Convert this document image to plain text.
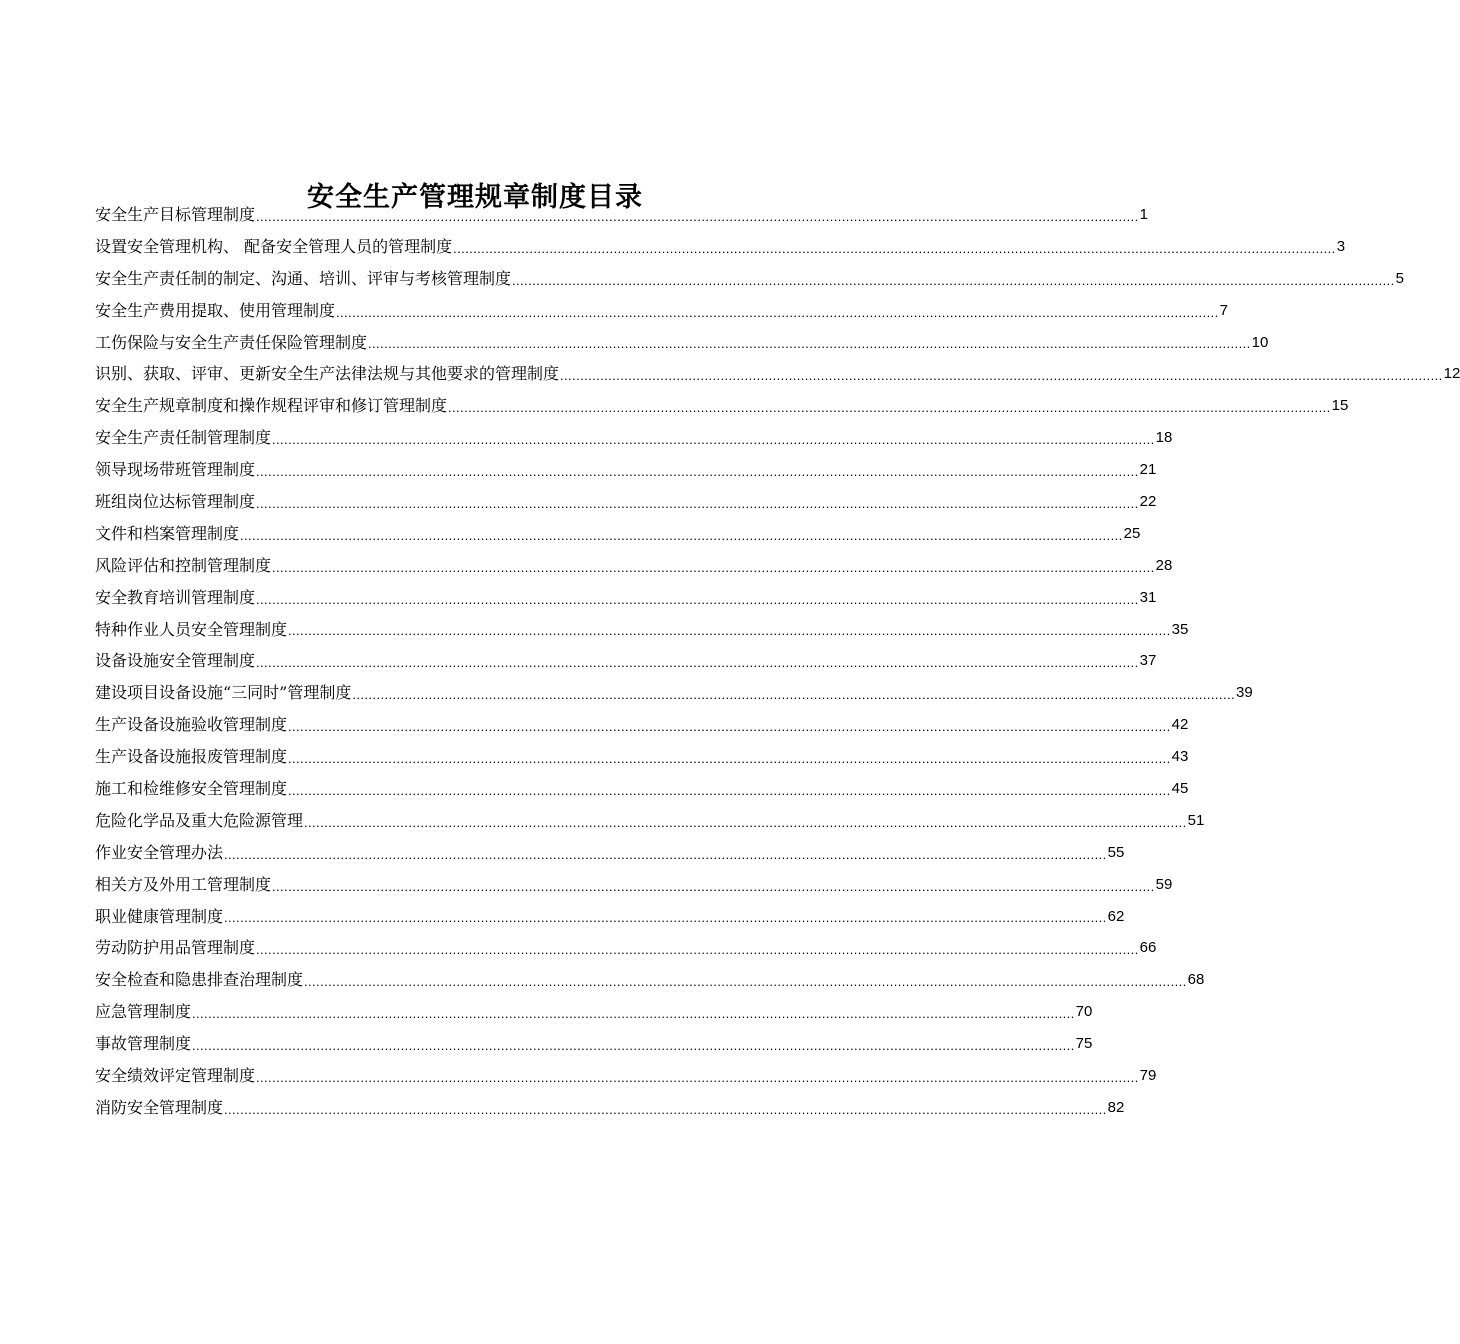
安全生产管理规章制度目录
安全生产目标管理制度 ............................................................................................................................................................................................................................ 1
设置安全管理机构、 配备安全管理人员的管理制度 ............................................................................................................................................................................................................................ 3
安全生产责任制的制定、沟通、培训、评审与考核管理制度 ............................................................................................................................................................................................................................ 5
安全生产费用提取、使用管理制度 ............................................................................................................................................................................................................................ 7
工伤保险与安全生产责任保险管理制度 ............................................................................................................................................................................................................................ 10
识别、获取、评审、更新安全生产法律法规与其他要求的管理制度 ............................................................................................................................................................................................................................ 12
安全生产规章制度和操作规程评审和修订管理制度 ............................................................................................................................................................................................................................ 15
安全生产责任制管理制度 ............................................................................................................................................................................................................................ 18
领导现场带班管理制度 ............................................................................................................................................................................................................................ 21
班组岗位达标管理制度 ............................................................................................................................................................................................................................ 22
文件和档案管理制度 ............................................................................................................................................................................................................................ 25
风险评估和控制管理制度 ............................................................................................................................................................................................................................ 28
安全教育培训管理制度 ............................................................................................................................................................................................................................ 31
特种作业人员安全管理制度 ............................................................................................................................................................................................................................ 35
设备设施安全管理制度 ............................................................................................................................................................................................................................ 37
建设项目设备设施“三同时”管理制度 ............................................................................................................................................................................................................................ 39
生产设备设施验收管理制度 ............................................................................................................................................................................................................................ 42
生产设备设施报废管理制度 ............................................................................................................................................................................................................................ 43
施工和检维修安全管理制度 ............................................................................................................................................................................................................................ 45
危险化学品及重大危险源管理 ............................................................................................................................................................................................................................ 51
作业安全管理办法 ............................................................................................................................................................................................................................ 55
相关方及外用工管理制度 ............................................................................................................................................................................................................................ 59
职业健康管理制度 ............................................................................................................................................................................................................................ 62
劳动防护用品管理制度 ............................................................................................................................................................................................................................ 66
安全检查和隐患排查治理制度 ............................................................................................................................................................................................................................ 68
应急管理制度 ............................................................................................................................................................................................................................ 70
事故管理制度 ............................................................................................................................................................................................................................ 75
安全绩效评定管理制度 ............................................................................................................................................................................................................................ 79
消防安全管理制度 ............................................................................................................................................................................................................................ 82
